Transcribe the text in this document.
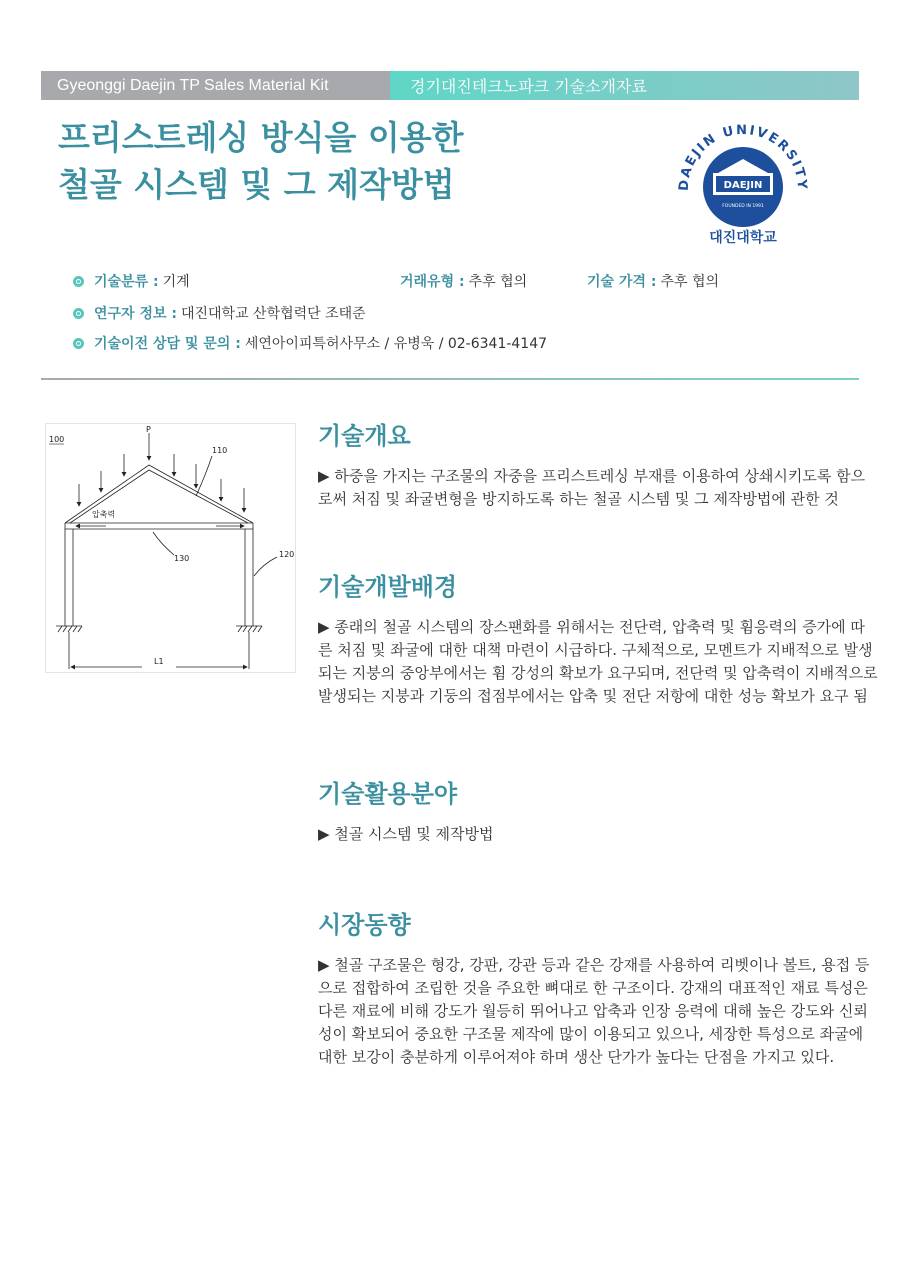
Gyeonggi Daejin TP Sales Material Kit	경기대진테크노파크 기술소개자료
프리스트레싱 방식을 이용한
철골 시스템 및 그 제작방법	DAEJIN UNIVERSITY
DAEJIN
FOUNDED IN 1991
대진대학교
기술분류 : 기계	거래유형 : 추후 협의	기술 가격 : 추후 협의
연구자 정보 : 대진대학교 산학협력단 조태준
기술이전 상담 및 문의 : 세연아이피특허사무소 / 유병욱 / 02-6341-4147
100
P
110
압축력
130	120
L1
기술개요

▶ 하중을 가지는 구조물의 자중을 프리스트레싱 부재를 이용하여 상쇄시키도록 함으로써 처짐 및 좌굴변형을 방지하도록 하는 철골 시스템 및 그 제작방법에 관한 것

기술개발배경

▶ 종래의 철골 시스템의 장스팬화를 위해서는 전단력, 압축력 및 휨응력의 증가에 따른 처짐 및 좌굴에 대한 대책 마련이 시급하다. 구체적으로, 모멘트가 지배적으로 발생되는 지붕의 중앙부에서는 휨 강성의 확보가 요구되며, 전단력 및 압축력이 지배적으로 발생되는 지붕과 기둥의 접점부에서는 압축 및 전단 저항에 대한 성능 확보가 요구 됨

기술활용분야

▶ 철골 시스템 및 제작방법

시장동향

▶ 철골 구조물은 형강, 강판, 강관 등과 같은 강재를 사용하여 리벳이나 볼트, 용접 등으로 접합하여 조립한 것을 주요한 뼈대로 한 구조이다. 강재의 대표적인 재료 특성은 다른 재료에 비해 강도가 월등히 뛰어나고 압축과 인장 응력에 대해 높은 강도와 신뢰성이 확보되어 중요한 구조물 제작에 많이 이용되고 있으나, 세장한 특성으로 좌굴에 대한 보강이 충분하게 이루어져야 하며 생산 단가가 높다는 단점을 가지고 있다.
